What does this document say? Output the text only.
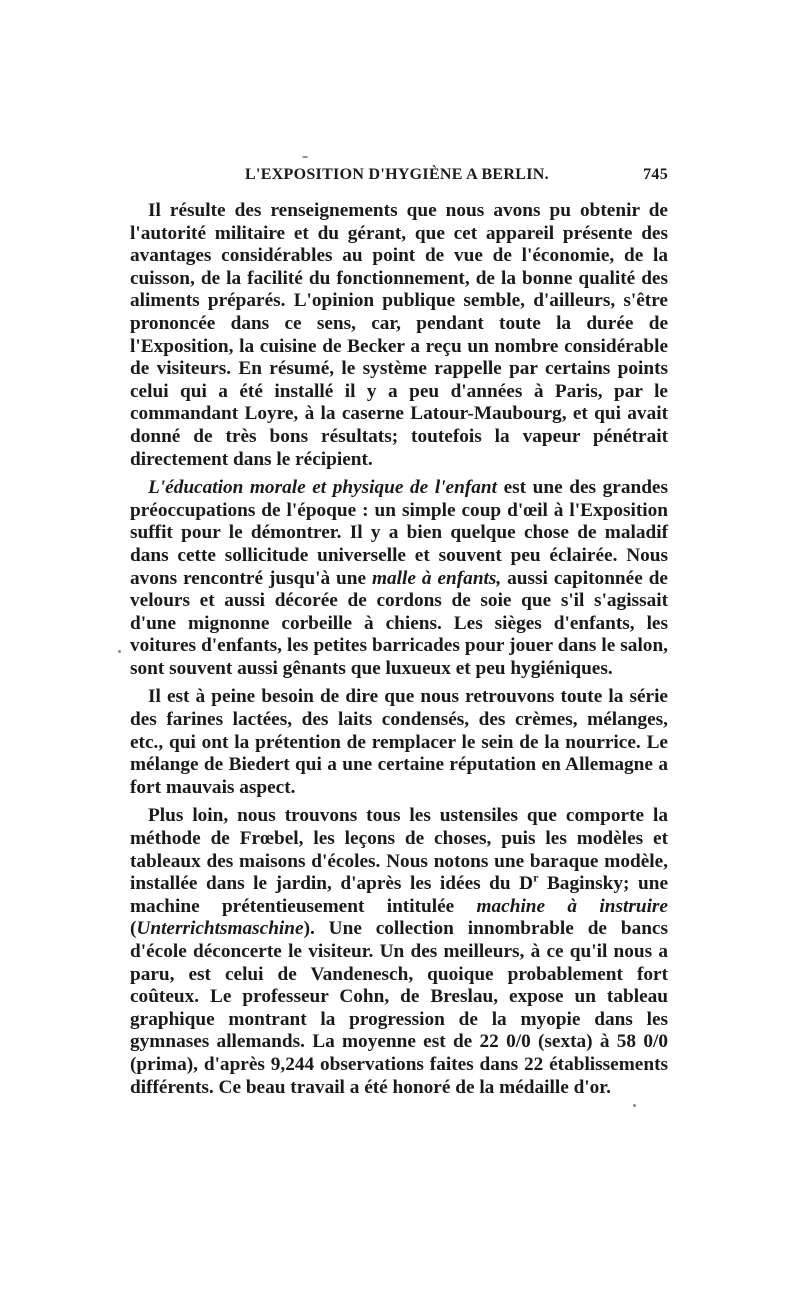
L'EXPOSITION D'HYGIÈNE A BERLIN.	745

Il résulte des renseignements que nous avons pu obtenir de l'autorité militaire et du gérant, que cet appareil présente des avantages considérables au point de vue de l'économie, de la cuisson, de la facilité du fonctionnement, de la bonne qualité des aliments préparés. L'opinion publique semble, d'ailleurs, s'être prononcée dans ce sens, car, pendant toute la durée de l'Exposition, la cuisine de Becker a reçu un nombre considérable de visiteurs. En résumé, le système rappelle par certains points celui qui a été installé il y a peu d'années à Paris, par le commandant Loyre, à la caserne Latour-Maubourg, et qui avait donné de très bons résultats; toutefois la vapeur pénétrait directement dans le récipient.

L'éducation morale et physique de l'enfant est une des grandes préoccupations de l'époque : un simple coup d'œil à l'Exposition suffit pour le démontrer. Il y a bien quelque chose de maladif dans cette sollicitude universelle et souvent peu éclairée. Nous avons rencontré jusqu'à une malle à enfants, aussi capitonnée de velours et aussi décorée de cordons de soie que s'il s'agissait d'une mignonne corbeille à chiens. Les sièges d'enfants, les voitures d'enfants, les petites barricades pour jouer dans le salon, sont souvent aussi gênants que luxueux et peu hygiéniques.

Il est à peine besoin de dire que nous retrouvons toute la série des farines lactées, des laits condensés, des crèmes, mélanges, etc., qui ont la prétention de remplacer le sein de la nourrice. Le mélange de Biedert qui a une certaine réputation en Allemagne a fort mauvais aspect.

Plus loin, nous trouvons tous les ustensiles que comporte la méthode de Frœbel, les leçons de choses, puis les modèles et tableaux des maisons d'écoles. Nous notons une baraque modèle, installée dans le jardin, d'après les idées du $D^r$ Baginsky; une machine prétentieusement intitulée machine à instruire (Unterrichtsmaschine). Une collection innombrable de bancs d'école déconcerte le visiteur. Un des meilleurs, à ce qu'il nous a paru, est celui de Vandenesch, quoique probablement fort coûteux. Le professeur Cohn, de Breslau, expose un tableau graphique montrant la progression de la myopie dans les gymnases allemands. La moyenne est de 22 0/0 (sexta) à 58 0/0 (prima), d'après 9,244 observations faites dans 22 établissements différents. Ce beau travail a été honoré de la médaille d'or.
